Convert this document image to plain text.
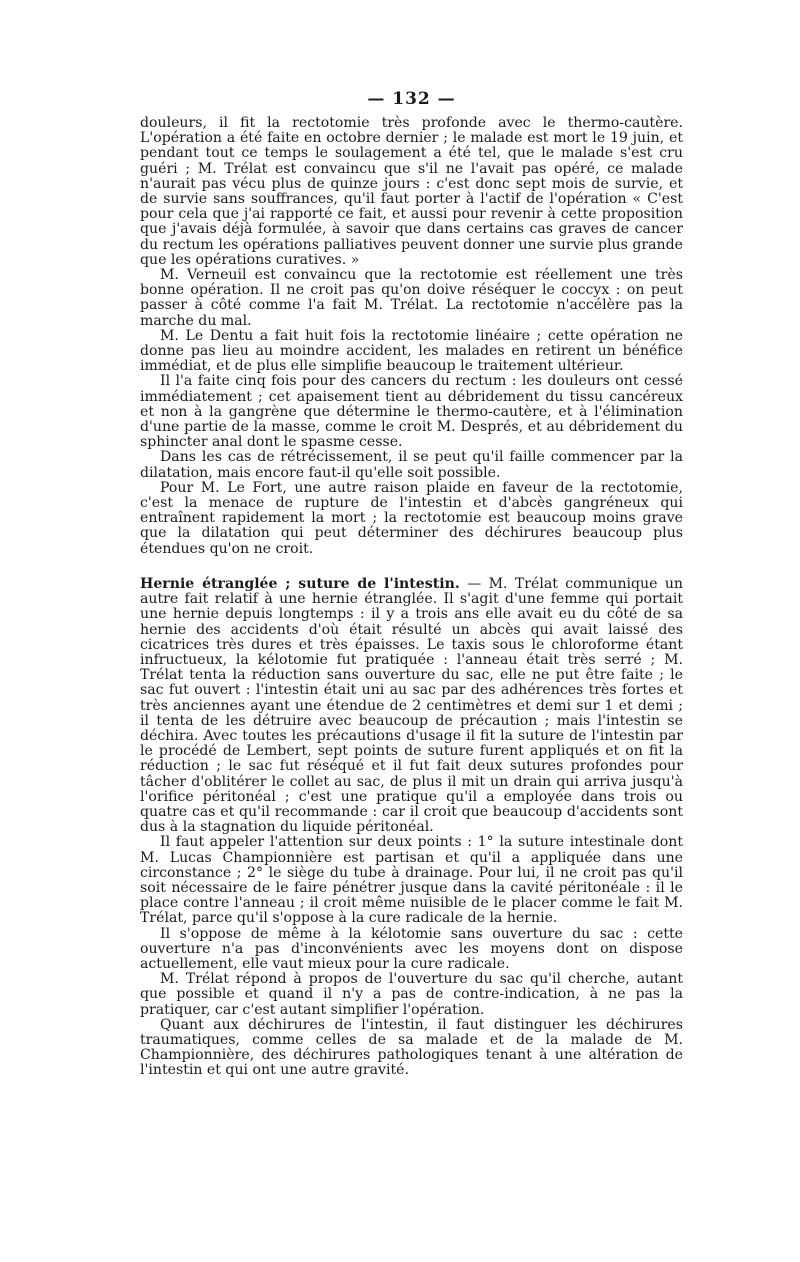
— 132 —

douleurs, il fit la rectotomie très profonde avec le thermo-cautère. L'opération a été faite en octobre dernier ; le malade est mort le 19 juin, et pendant tout ce temps le soulagement a été tel, que le malade s'est cru guéri ; M. Trélat est convaincu que s'il ne l'avait pas opéré, ce malade n'aurait pas vécu plus de quinze jours : c'est donc sept mois de survie, et de survie sans souffrances, qu'il faut porter à l'actif de l'opération « C'est pour cela que j'ai rapporté ce fait, et aussi pour revenir à cette proposition que j'avais déjà formulée, à savoir que dans certains cas graves de cancer du rectum les opérations palliatives peuvent donner une survie plus grande que les opérations curatives. »

M. Verneuil est convaincu que la rectotomie est réellement une très bonne opération. Il ne croit pas qu'on doive réséquer le coccyx : on peut passer à côté comme l'a fait M. Trélat. La rectotomie n'accélère pas la marche du mal.

M. Le Dentu a fait huit fois la rectotomie linéaire ; cette opération ne donne pas lieu au moindre accident, les malades en retirent un bénéfice immédiat, et de plus elle simplifie beaucoup le traitement ultérieur.

Il l'a faite cinq fois pour des cancers du rectum : les douleurs ont cessé immédiatement ; cet apaisement tient au débridement du tissu cancéreux et non à la gangrène que détermine le thermo-cautère, et à l'élimination d'une partie de la masse, comme le croit M. Després, et au débridement du sphincter anal dont le spasme cesse.

Dans les cas de rétrécissement, il se peut qu'il faille commencer par la dilatation, mais encore faut-il qu'elle soit possible.

Pour M. Le Fort, une autre raison plaide en faveur de la rectotomie, c'est la menace de rupture de l'intestin et d'abcès gangréneux qui entraînent rapidement la mort ; la rectotomie est beaucoup moins grave que la dilatation qui peut déterminer des déchirures beaucoup plus étendues qu'on ne croit.

Hernie étranglée ; suture de l'intestin. — M. Trélat communique un autre fait relatif à une hernie étranglée. Il s'agit d'une femme qui portait une hernie depuis longtemps : il y a trois ans elle avait eu du côté de sa hernie des accidents d'où était résulté un abcès qui avait laissé des cicatrices très dures et très épaisses. Le taxis sous le chloroforme étant infructueux, la kélotomie fut pratiquée : l'anneau était très serré ; M. Trélat tenta la réduction sans ouverture du sac, elle ne put être faite ; le sac fut ouvert : l'intestin était uni au sac par des adhérences très fortes et très anciennes ayant une étendue de 2 centimètres et demi sur 1 et demi ; il tenta de les détruire avec beaucoup de précaution ; mais l'intestin se déchira. Avec toutes les précautions d'usage il fit la suture de l'intestin par le procédé de Lembert, sept points de suture furent appliqués et on fit la réduction ; le sac fut réséqué et il fut fait deux sutures profondes pour tâcher d'oblitérer le collet au sac, de plus il mit un drain qui arriva jusqu'à l'orifice péritonéal ; c'est une pratique qu'il a employée dans trois ou quatre cas et qu'il recommande : car il croit que beaucoup d'accidents sont dus à la stagnation du liquide péritonéal.

Il faut appeler l'attention sur deux points : 1° la suture intestinale dont M. Lucas Championnière est partisan et qu'il a appliquée dans une circonstance ; 2° le siège du tube à drainage. Pour lui, il ne croit pas qu'il soit nécessaire de le faire pénétrer jusque dans la cavité péritonéale : il le place contre l'anneau ; il croit même nuisible de le placer comme le fait M. Trélat, parce qu'il s'oppose à la cure radicale de la hernie.

Il s'oppose de même à la kélotomie sans ouverture du sac : cette ouverture n'a pas d'inconvénients avec les moyens dont on dispose actuellement, elle vaut mieux pour la cure radicale.

M. Trélat répond à propos de l'ouverture du sac qu'il cherche, autant que possible et quand il n'y a pas de contre-indication, à ne pas la pratiquer, car c'est autant simplifier l'opération.

Quant aux déchirures de l'intestin, il faut distinguer les déchirures traumatiques, comme celles de sa malade et de la malade de M. Championnière, des déchirures pathologiques tenant à une altération de l'intestin et qui ont une autre gravité.
